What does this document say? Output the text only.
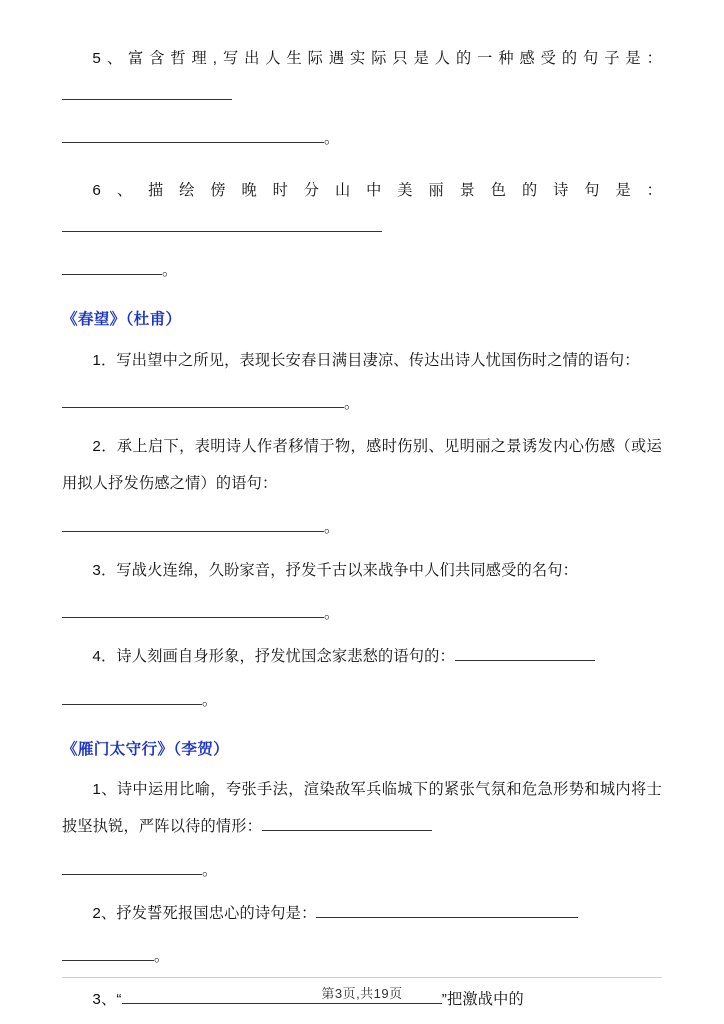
5、富含哲理,写出人生际遇实际只是人的一种感受的句子是：

。

6、描绘傍晚时分山中美丽景色的诗句是：

。

《春望》（杜甫）

1．写出望中之所见，表现长安春日满目凄凉、传达出诗人忧国伤时之情的语句：

。

2．承上启下，表明诗人作者移情于物，感时伤别、见明丽之景诱发内心伤感（或运用拟人抒发伤感之情）的语句：

。

3．写战火连绵，久盼家音，抒发千古以来战争中人们共同感受的名句：

。

4．诗人刻画自身形象，抒发忧国念家悲愁的语句的：

。

《雁门太守行》（李贺）

1、诗中运用比喻，夸张手法，渲染敌军兵临城下的紧张气氛和危急形势和城内将士披坚执锐，严阵以待的情形：

。

2、抒发誓死报国忠心的诗句是：

。

3、“	”把激战中的

第3页,共19页
